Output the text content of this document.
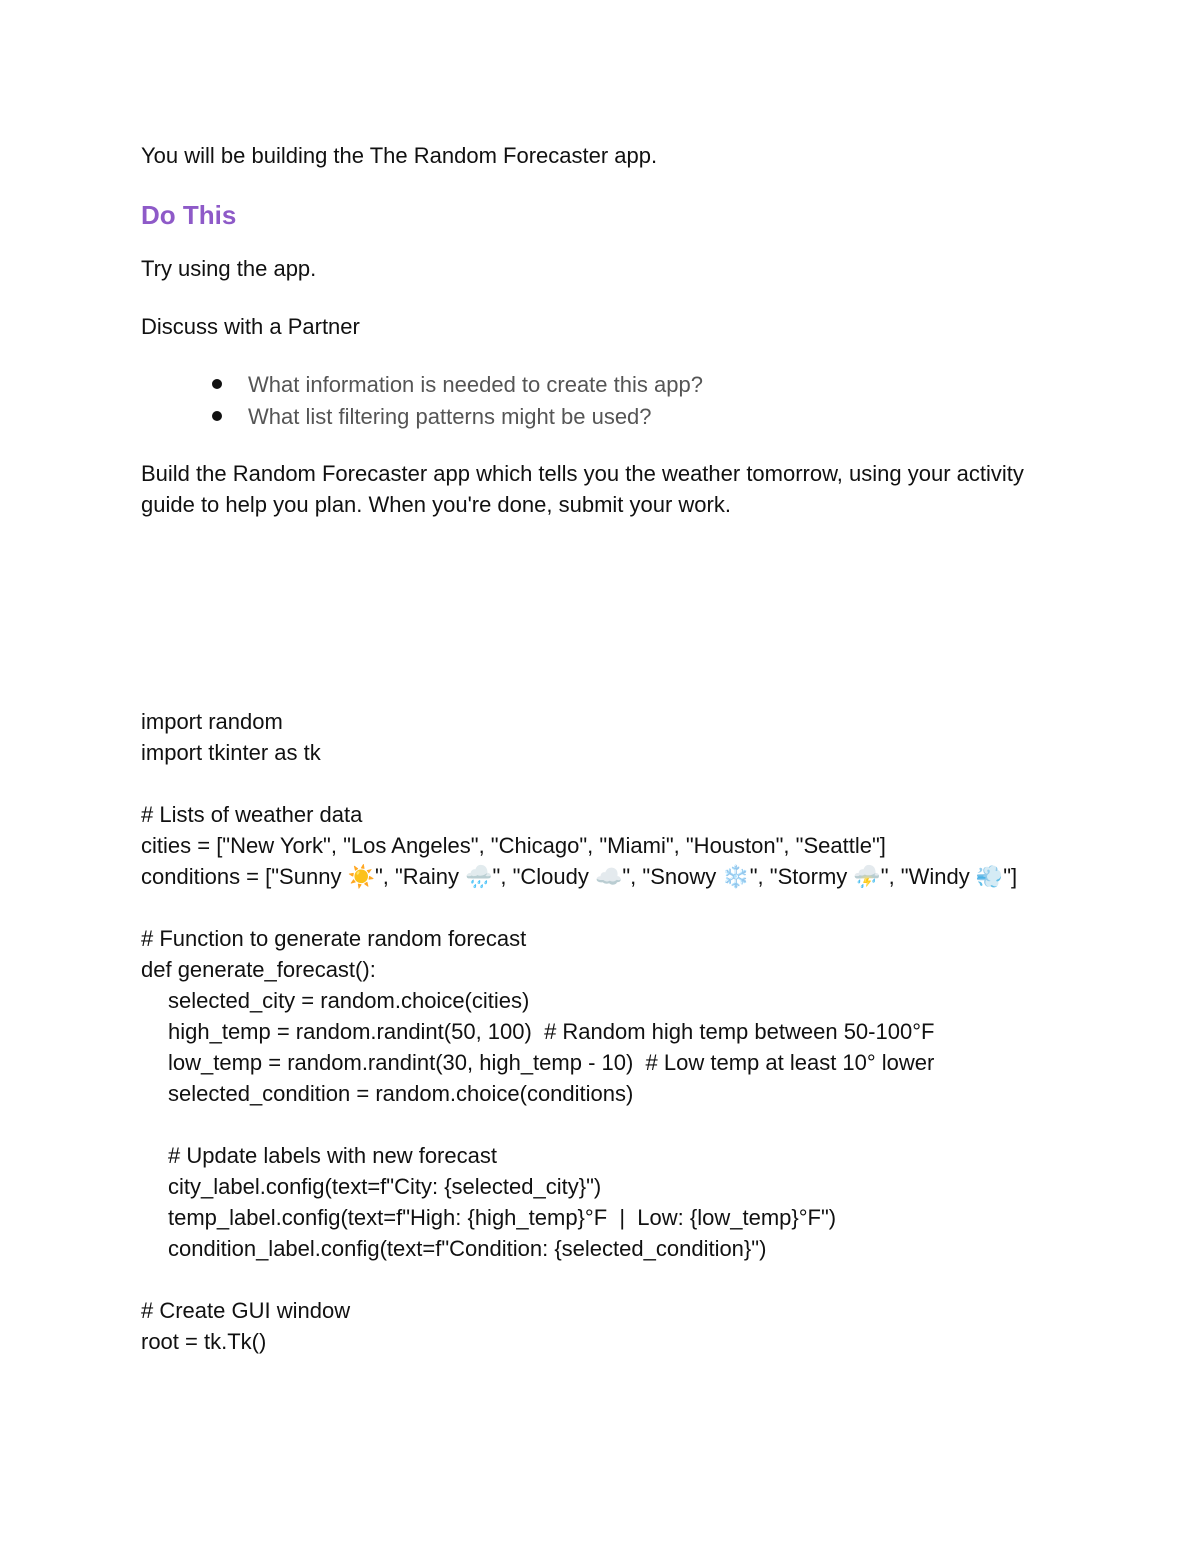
You will be building the The Random Forecaster app.

Do This

Try using the app.

Discuss with a Partner

What information is needed to create this app?
What list filtering patterns might be used?

Build the Random Forecaster app which tells you the weather tomorrow, using your activity guide to help you plan. When you're done, submit your work.

import random
import tkinter as tk
# Lists of weather data
cities = ["New York", "Los Angeles", "Chicago", "Miami", "Houston", "Seattle"]
conditions = ["Sunny ☀️", "Rainy 🌧️", "Cloudy ☁️", "Snowy ❄️", "Stormy ⛈️", "Windy 💨"]
# Function to generate random forecast
def generate_forecast():
selected_city = random.choice(cities)
high_temp = random.randint(50, 100)  # Random high temp between 50-100°F
low_temp = random.randint(30, high_temp - 10)  # Low temp at least 10° lower
selected_condition = random.choice(conditions)
# Update labels with new forecast
city_label.config(text=f"City: {selected_city}")
temp_label.config(text=f"High: {high_temp}°F  |  Low: {low_temp}°F")
condition_label.config(text=f"Condition: {selected_condition}")
# Create GUI window
root = tk.Tk()
